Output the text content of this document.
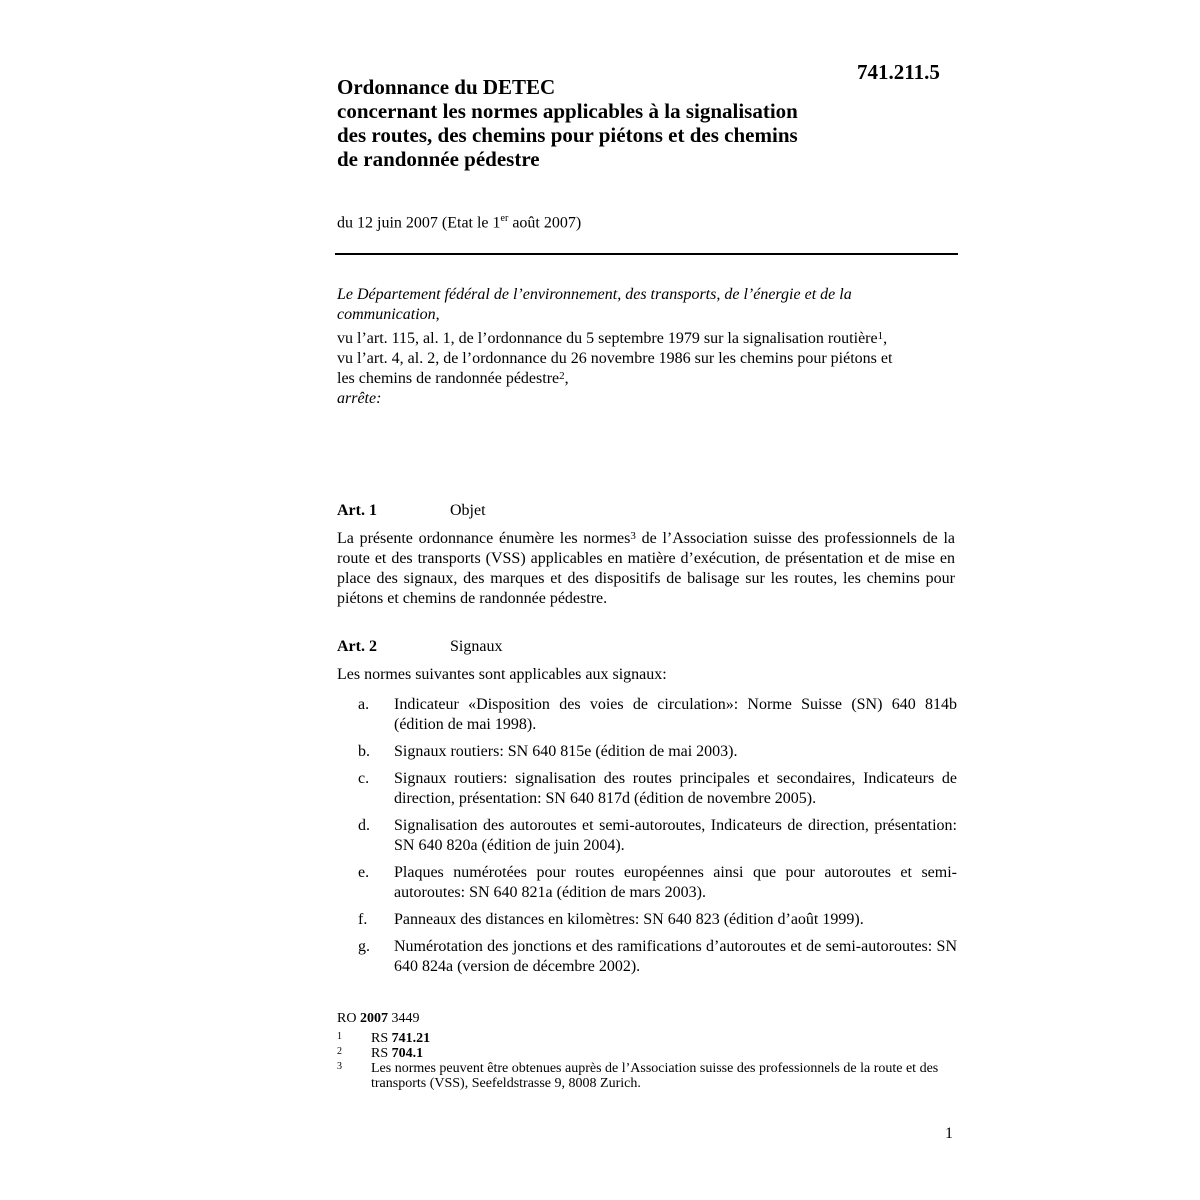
741.211.5
Ordonnance du DETEC
concernant les normes applicables à la signalisation
des routes, des chemins pour piétons et des chemins
de randonnée pédestre
du 12 juin 2007 (Etat le 1er août 2007)

Le Département fédéral de l’environnement, des transports, de l’énergie et de la communication,

vu l’art. 115, al. 1, de l’ordonnance du 5 septembre 1979 sur la signalisation routière$^1$,

vu l’art. 4, al. 2, de l’ordonnance du 26 novembre 1986 sur les chemins pour piétons et les chemins de randonnée pédestre$^2$,

arrête:

Art. 1	Objet
La présente ordonnance énumère les normes$^3$ de l’Association suisse des professionnels de la route et des transports (VSS) applicables en matière d’exécution, de présentation et de mise en place des signaux, des marques et des dispositifs de balisage sur les routes, les chemins pour piétons et chemins de randonnée pédestre.
Art. 2	Signaux
Les normes suivantes sont applicables aux signaux:
a. Indicateur «Disposition des voies de circulation»: Norme Suisse (SN) 640 814b (édition de mai 1998).
b. Signaux routiers: SN 640 815e (édition de mai 2003).
c. Signaux routiers: signalisation des routes principales et secondaires, Indicateurs de direction, présentation: SN 640 817d (édition de novembre 2005).
d. Signalisation des autoroutes et semi-autoroutes, Indicateurs de direction, présentation: SN 640 820a (édition de juin 2004).
e. Plaques numérotées pour routes européennes ainsi que pour autoroutes et semi-autoroutes: SN 640 821a (édition de mars 2003).
f. Panneaux des distances en kilomètres: SN 640 823 (édition d’août 1999).
g. Numérotation des jonctions et des ramifications d’autoroutes et de semi-autoroutes: SN 640 824a (version de décembre 2002).
RO 2007 3449
1 RS 741.21
2 RS 704.1
3 Les normes peuvent être obtenues auprès de l’Association suisse des professionnels de la route et des transports (VSS), Seefeldstrasse 9, 8008 Zurich.
1
